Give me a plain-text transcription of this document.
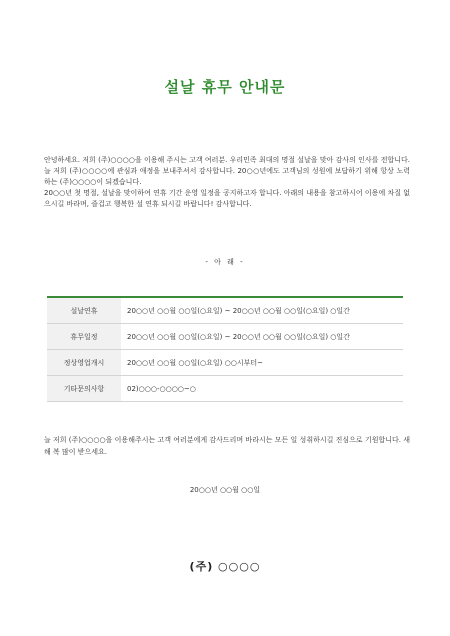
설날 휴무 안내문

안녕하세요. 저희 (주)○○○○을 이용해 주시는 고객 여러분. 우리민족 최대의 명절 설날을 맞아 감사의 인사를 전합니다. 늘 저희 (주)○○○○에 관심과 애정을 보내주셔서 감사합니다. 20○○년에도 고객님의 성원에 보답하기 위해 항상 노력하는 (주)○○○○이 되겠습니다.

20○○년 첫 명절, 설날을 맞이하여 연휴 기간 운영 일정을 공지하고자 합니다. 아래의 내용을 참고하시어 이용에 차질 없으시길 바라며, 즐겁고 행복한 설 연휴 되시길 바랍니다! 감사합니다.

- 아 래 -
설날연휴	20○○년 ○○월 ○○일(○요일) ~ 20○○년 ○○월 ○○일(○요일) ○일간
휴무일정	20○○년 ○○월 ○○일(○요일) ~ 20○○년 ○○월 ○○일(○요일) ○일간
정상영업개시	20○○년 ○○월 ○○일(○요일) ○○시부터~
기타문의사항	02)○○○-○○○○~○
늘 저희 (주)○○○○을 이용해주시는 고객 여러분에게 감사드리며 바라시는 모든 일 성취하시길 진심으로 기원합니다. 새해 복 많이 받으세요.
20○○년 ○○월 ○○일
(주) ○○○○
